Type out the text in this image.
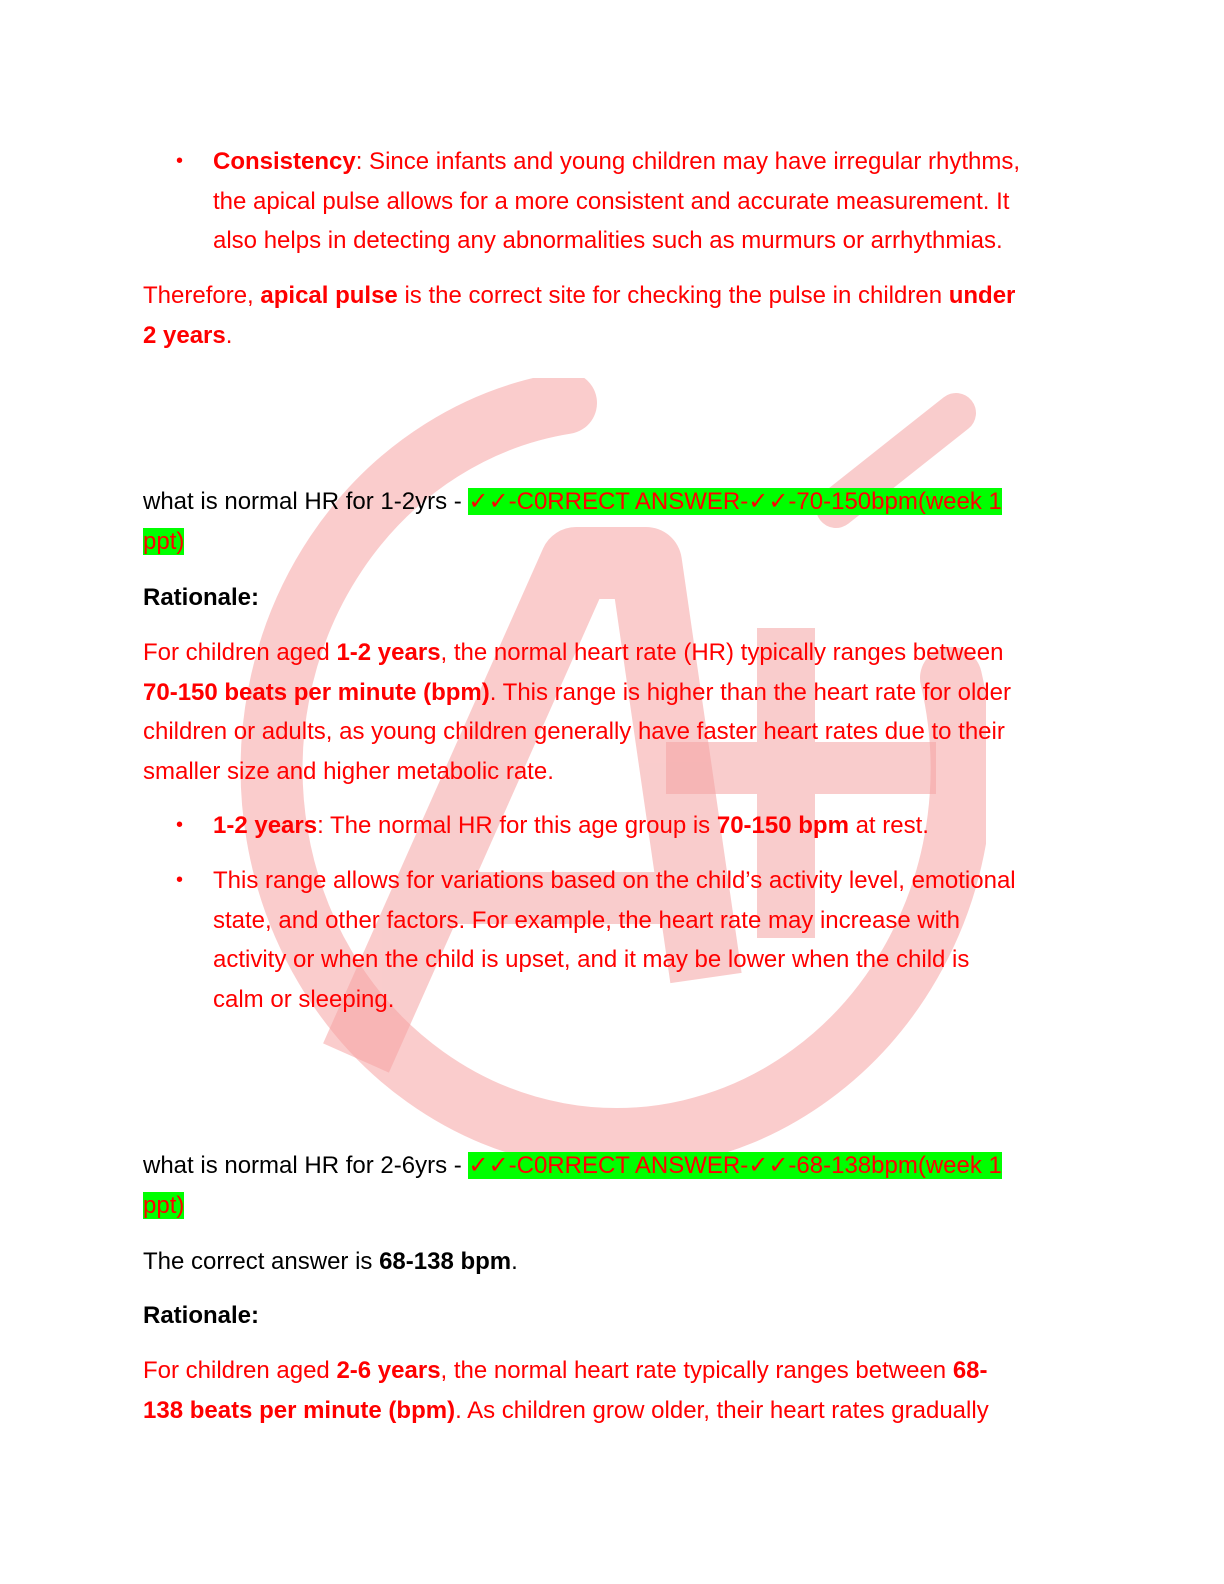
• Consistency: Since infants and young children may have irregular rhythms,
the apical pulse allows for a more consistent and accurate measurement. It
also helps in detecting any abnormalities such as murmurs or arrhythmias.
Therefore, apical pulse is the correct site for checking the pulse in children under
2 years.
what is normal HR for 1-2yrs - ✓✓-C0RRECT ANSWER-✓✓-70-150bpm(week 1
ppt)
Rationale:
For children aged 1-2 years, the normal heart rate (HR) typically ranges between
70-150 beats per minute (bpm). This range is higher than the heart rate for older
children or adults, as young children generally have faster heart rates due to their
smaller size and higher metabolic rate.
• 1-2 years: The normal HR for this age group is 70-150 bpm at rest.
• This range allows for variations based on the child’s activity level, emotional
state, and other factors. For example, the heart rate may increase with
activity or when the child is upset, and it may be lower when the child is
calm or sleeping.
what is normal HR for 2-6yrs - ✓✓-C0RRECT ANSWER-✓✓-68-138bpm(week 1
ppt)
The correct answer is 68-138 bpm.
Rationale:
For children aged 2-6 years, the normal heart rate typically ranges between 68-
138 beats per minute (bpm). As children grow older, their heart rates gradually
